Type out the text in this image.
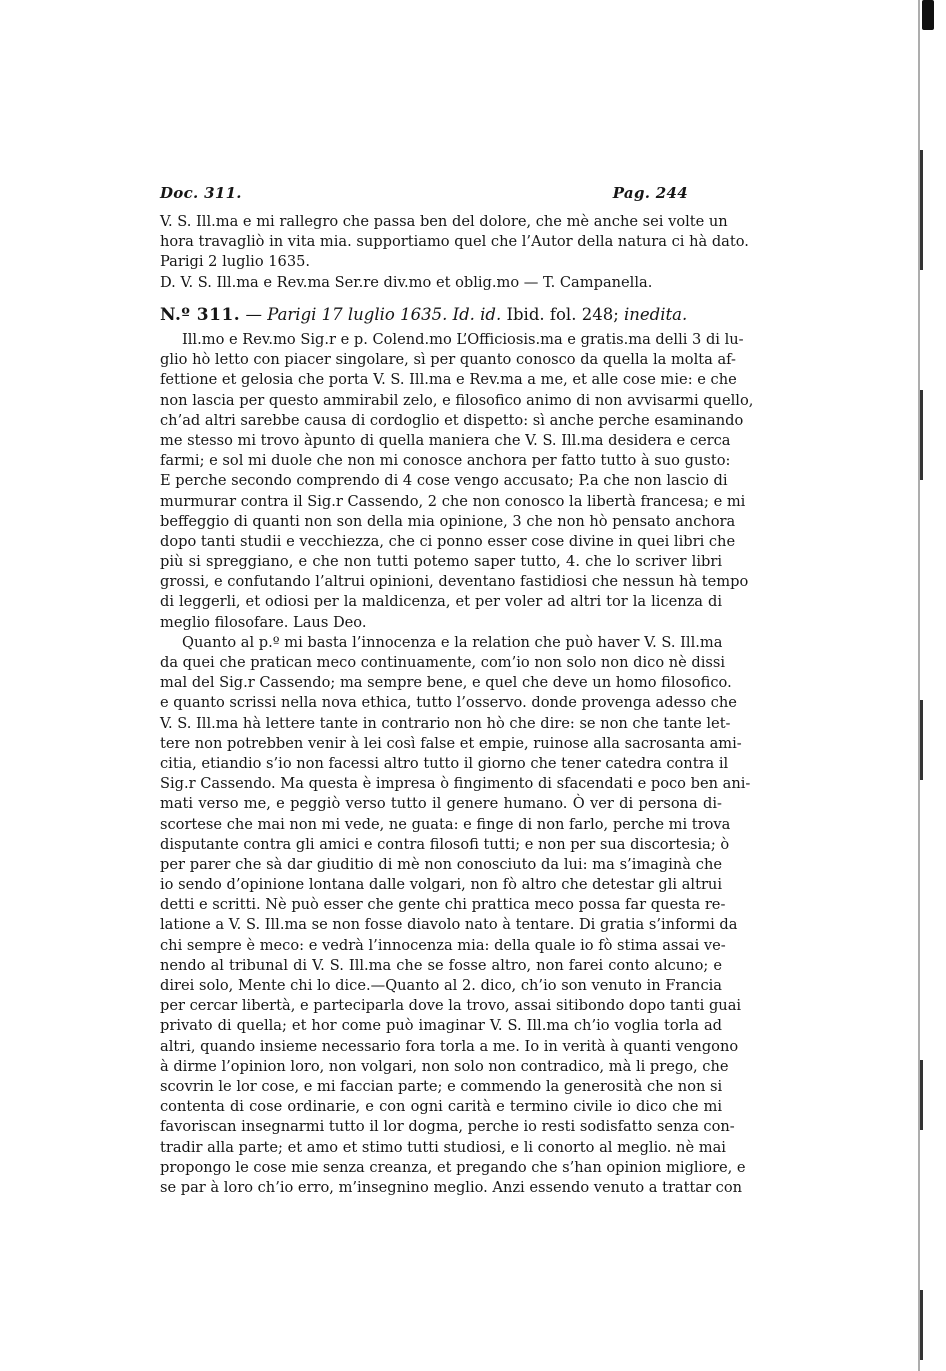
Doc. 311.	Pag. 244
V. S. Ill.ma e mi rallegro che passa ben del dolore, che mè anche sei volte un
hora travagliò in vita mia. supportiamo quel che l’Autor della natura ci hà dato.
Parigi 2 luglio 1635.
D. V. S. Ill.ma e Rev.ma Ser.re div.mo et oblig.mo — T. Campanella.
N.º 311. — Parigi 17 luglio 1635. Id. id. Ibid. fol. 248; inedita.
Ill.mo e Rev.mo Sig.r e p. Colend.mo L’Officiosis.ma e gratis.ma delli 3 di lu-
glio hò letto con piacer singolare, sì per quanto conosco da quella la molta af-
fettione et gelosia che porta V. S. Ill.ma e Rev.ma a me, et alle cose mie: e che
non lascia per questo ammirabil zelo, e filosofico animo di non avvisarmi quello,
ch’ad altri sarebbe causa di cordoglio et dispetto: sì anche perche esaminando
me stesso mi trovo àpunto di quella maniera che V. S. Ill.ma desidera e cerca
farmi; e sol mi duole che non mi conosce anchora per fatto tutto à suo gusto:
E perche secondo comprendo di 4 cose vengo accusato; P.a che non lascio di
murmurar contra il Sig.r Cassendo, 2 che non conosco la libertà francesa; e mi
beffeggio di quanti non son della mia opinione, 3 che non hò pensato anchora
dopo tanti studii e vecchiezza, che ci ponno esser cose divine in quei libri che
più si spreggiano, e che non tutti potemo saper tutto, 4. che lo scriver libri
grossi, e confutando l’altrui opinioni, deventano fastidiosi che nessun hà tempo
di leggerli, et odiosi per la maldicenza, et per voler ad altri tor la licenza di
meglio filosofare. Laus Deo.
Quanto al p.º mi basta l’innocenza e la relation che può haver V. S. Ill.ma
da quei che pratican meco continuamente, com’io non solo non dico nè dissi
mal del Sig.r Cassendo; ma sempre bene, e quel che deve un homo filosofico.
e quanto scrissi nella nova ethica, tutto l’osservo. donde provenga adesso che
V. S. Ill.ma hà lettere tante in contrario non hò che dire: se non che tante let-
tere non potrebben venir à lei così false et empie, ruinose alla sacrosanta ami-
citia, etiandio s’io non facessi altro tutto il giorno che tener catedra contra il
Sig.r Cassendo. Ma questa è impresa ò fingimento di sfacendati e poco ben ani-
mati verso me, e peggiò verso tutto il genere humano. Ò ver di persona di-
scortese che mai non mi vede, ne guata: e finge di non farlo, perche mi trova
disputante contra gli amici e contra filosofi tutti; e non per sua discortesia; ò
per parer che sà dar giuditio di mè non conosciuto da lui: ma s’imaginà che
io sendo d’opinione lontana dalle volgari, non fò altro che detestar gli altrui
detti e scritti. Nè può esser che gente chi prattica meco possa far questa re-
latione a V. S. Ill.ma se non fosse diavolo nato à tentare. Di gratia s’informi da
chi sempre è meco: e vedrà l’innocenza mia: della quale io fò stima assai ve-
nendo al tribunal di V. S. Ill.ma che se fosse altro, non farei conto alcuno; e
direi solo, Mente chi lo dice.—Quanto al 2. dico, ch’io son venuto in Francia
per cercar libertà, e parteciparla dove la trovo, assai sitibondo dopo tanti guai
privato di quella; et hor come può imaginar V. S. Ill.ma ch’io voglia torla ad
altri, quando insieme necessario fora torla a me. Io in verità à quanti vengono
à dirme l’opinion loro, non volgari, non solo non contradico, mà li prego, che
scovrin le lor cose, e mi faccian parte; e commendo la generosità che non si
contenta di cose ordinarie, e con ogni carità e termino civile io dico che mi
favoriscan insegnarmi tutto il lor dogma, perche io resti sodisfatto senza con-
tradir alla parte; et amo et stimo tutti studiosi, e li conorto al meglio. nè mai
propongo le cose mie senza creanza, et pregando che s’han opinion migliore, e
se par à loro ch’io erro, m’insegnino meglio. Anzi essendo venuto a trattar con
